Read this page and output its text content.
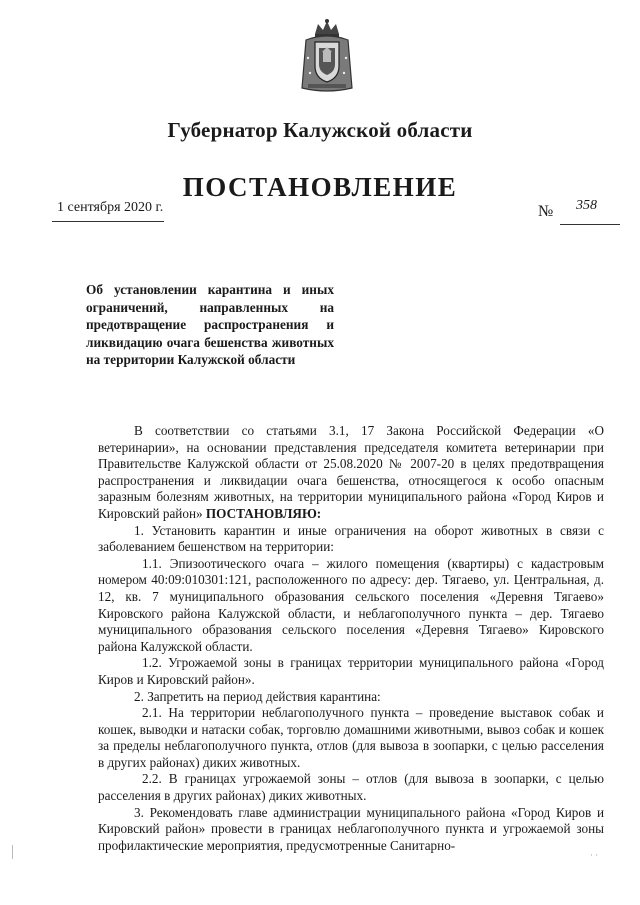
Губернатор Калужской области
ПОСТАНОВЛЕНИЕ
1 сентября 2020 г.	№ 358
Об установлении карантина и иных ограничений, направленных на предотвращение распространения и ликвидацию очага бешенства животных на территории Калужской области

В соответствии со статьями 3.1, 17 Закона Российской Федерации «О ветеринарии», на основании представления председателя комитета ветеринарии при Правительстве Калужской области от 25.08.2020 № 2007-20 в целях предотвращения распространения и ликвидации очага бешенства, относящегося к особо опасным заразным болезням животных, на территории муниципального района «Город Киров и Кировский район» ПОСТАНОВЛЯЮ:

1. Установить карантин и иные ограничения на оборот животных в связи с заболеванием бешенством на территории:

1.1. Эпизоотического очага – жилого помещения (квартиры) с кадастровым номером 40:09:010301:121, расположенного по адресу: дер. Тягаево, ул. Центральная, д. 12, кв. 7 муниципального образования сельского поселения «Деревня Тягаево» Кировского района Калужской области, и неблагополучного пункта – дер. Тягаево муниципального образования сельского поселения «Деревня Тягаево» Кировского района Калужской области.

1.2. Угрожаемой зоны в границах территории муниципального района «Город Киров и Кировский район».

2. Запретить на период действия карантина:

2.1. На территории неблагополучного пункта – проведение выставок собак и кошек, выводки и натаски собак, торговлю домашними животными, вывоз собак и кошек за пределы неблагополучного пункта, отлов (для вывоза в зоопарки, с целью расселения в других районах) диких животных.

2.2. В границах угрожаемой зоны – отлов (для вывоза в зоопарки, с целью расселения в других районах) диких животных.

3. Рекомендовать главе администрации муниципального района «Город Киров и Кировский район» провести в границах неблагополучного пункта и угрожаемой зоны профилактические мероприятия, предусмотренные Санитарно-

· ·
